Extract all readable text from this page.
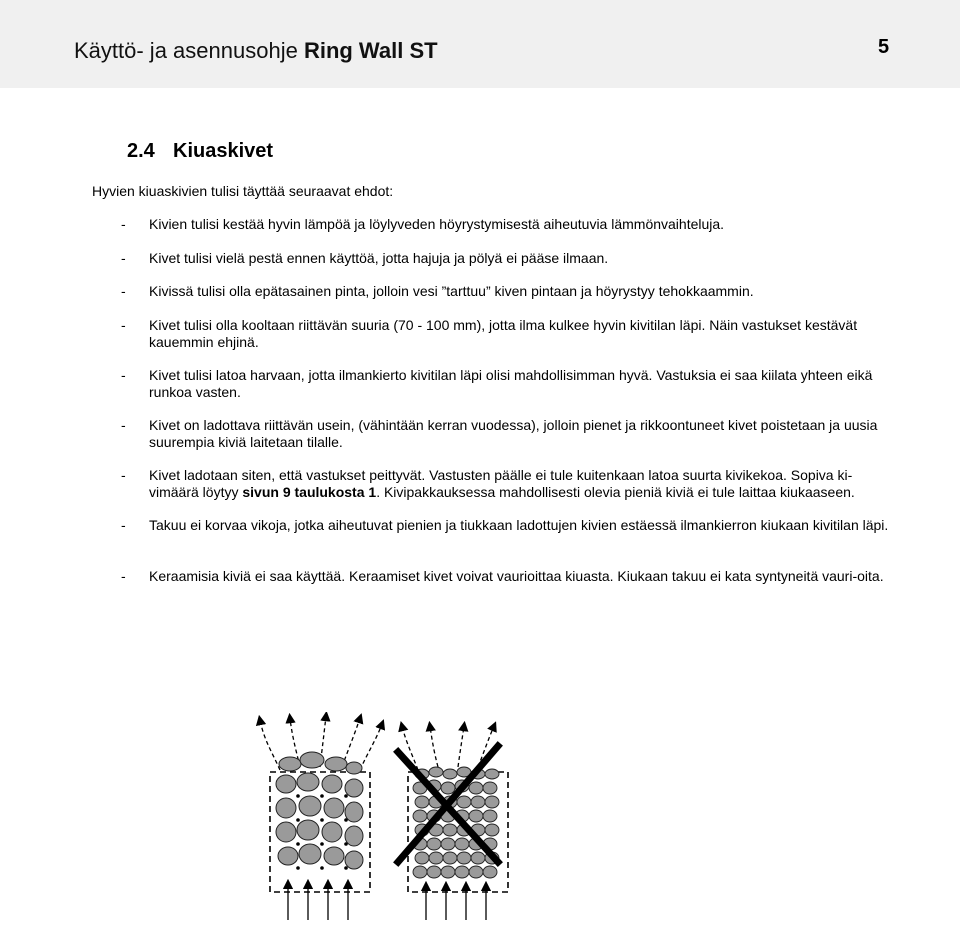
Käyttö- ja asennusohje Ring Wall ST	5
2.4 Kiuaskivet
Hyvien kiuaskivien tulisi täyttää seuraavat ehdot:
- Kivien tulisi kestää hyvin lämpöä ja löylyveden höyrystymisestä aiheutuvia lämmönvaihteluja.
- Kivet tulisi vielä pestä ennen käyttöä, jotta hajuja ja pölyä ei pääse ilmaan.
- Kivissä tulisi olla epätasainen pinta, jolloin vesi ”tarttuu” kiven pintaan ja höyrystyy tehokkaammin.
- Kivet tulisi olla kooltaan riittävän suuria (70 - 100 mm), jotta ilma kulkee hyvin kivitilan läpi. Näin vastukset kestävät kauemmin ehjinä.
- Kivet tulisi latoa harvaan, jotta ilmankierto kivitilan läpi olisi mahdollisimman hyvä. Vastuksia ei saa kiilata yhteen eikä runkoa vasten.
- Kivet on ladottava riittävän usein, (vähintään kerran vuodessa), jolloin pienet ja rikkoontuneet kivet poistetaan ja uusia suurempia kiviä laitetaan tilalle.
- Kivet ladotaan siten, että vastukset peittyvät. Vastusten päälle ei tule kuitenkaan latoa suurta kivikekoa. Sopiva ki-vimäärä löytyy sivun 9 taulukosta 1. Kivipakkauksessa mahdollisesti olevia pieniä kiviä ei tule laittaa kiukaaseen.
- Takuu ei korvaa vikoja, jotka aiheutuvat pienien ja tiukkaan ladottujen kivien estäessä ilmankierron kiukaan kivitilan läpi.
- Keraamisia kiviä ei saa käyttää. Keraamiset kivet voivat vaurioittaa kiuasta. Kiukaan takuu ei kata syntyneitä vauri-oita.
